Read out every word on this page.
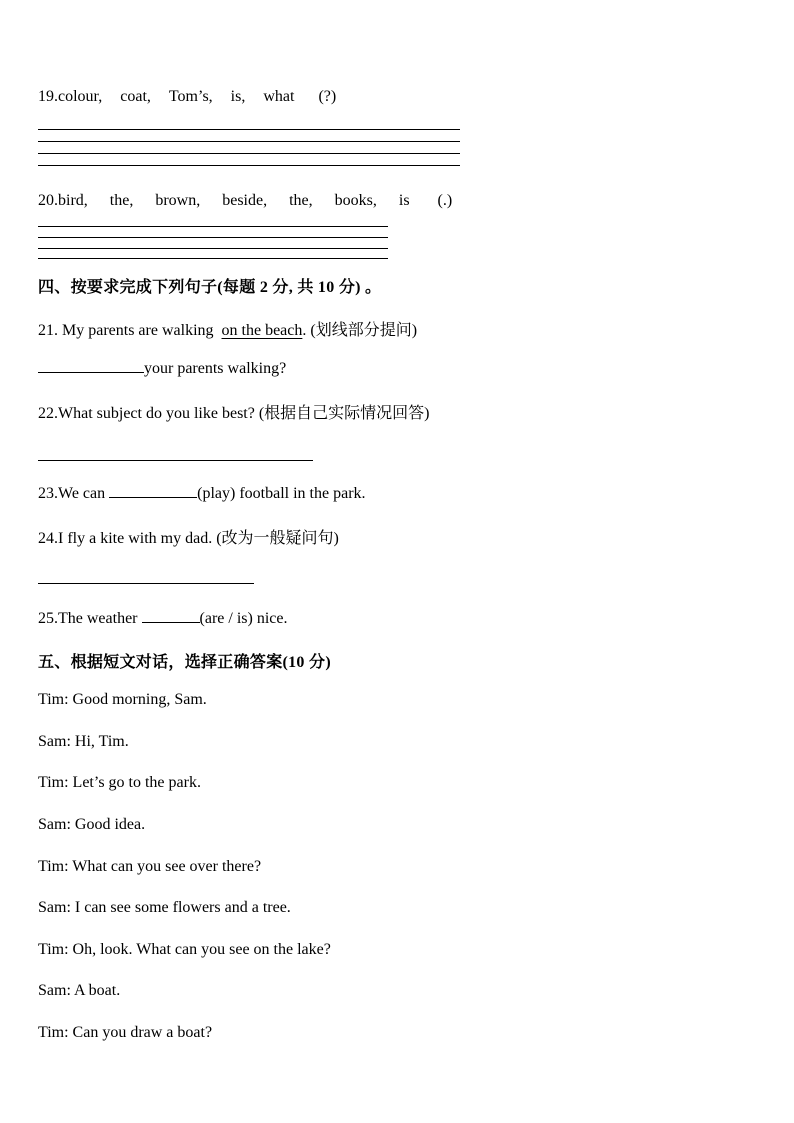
19.colour, coat, Tom’s, is, what (?)
20.bird, the, brown, beside, the, books, is (.)
四、按要求完成下列句子(每题 2 分, 共 10 分) 。
21. My parents are walking on the beach. (划线部分提问)
your parents walking?
22.What subject do you like best? (根据自己实际情况回答)
23.We can	(play) football in the park.
24.I fly a kite with my dad. (改为一般疑问句)
25.The weather	(are / is) nice.
五、根据短文对话，选择正确答案(10 分)
Tim: Good morning, Sam.
Sam: Hi, Tim.
Tim: Let’s go to the park.
Sam: Good idea.
Tim: What can you see over there?
Sam: I can see some flowers and a tree.
Tim: Oh, look. What can you see on the lake?
Sam: A boat.
Tim: Can you draw a boat?
